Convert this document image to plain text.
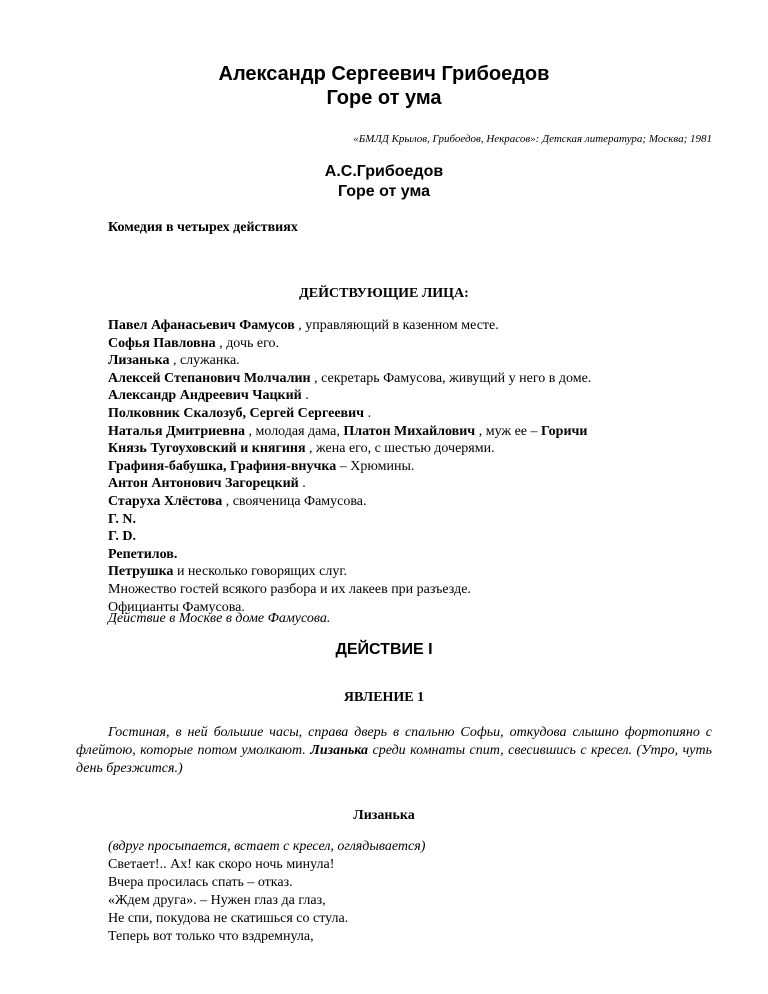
Александр Сергеевич Грибоедов
Горе от ума
«БМЛД Крылов, Грибоедов, Некрасов»: Детская литература; Москва; 1981
А.С.Грибоедов
Горе от ума
Комедия в четырех действиях
ДЕЙСТВУЮЩИЕ ЛИЦА:
Павел Афанасьевич Фамусов , управляющий в казенном месте.
Софья Павловна , дочь его.
Лизанька , служанка.
Алексей Степанович Молчалин , секретарь Фамусова, живущий у него в доме.
Александр Андреевич Чацкий .
Полковник Скалозуб, Сергей Сергеевич .
Наталья Дмитриевна , молодая дама, Платон Михайлович , муж ее – Горичи
Князь Тугоуховский и княгиня , жена его, с шестью дочерями.
Графиня-бабушка, Графиня-внучка – Хрюмины.
Антон Антонович Загорецкий .
Старуха Хлёстова , свояченица Фамусова.
Г. N.
Г. D.
Репетилов.
Петрушка и несколько говорящих слуг.
Множество гостей всякого разбора и их лакеев при разъезде.
Официанты Фамусова.
Действие в Москве в доме Фамусова.
ДЕЙСТВИЕ I
ЯВЛЕНИЕ 1
Гостиная, в ней большие часы, справа дверь в спальню Софьи, откудова слышно фортопияно с флейтою, которые потом умолкают. Лизанька среди комнаты спит, свесившись с кресел. (Утро, чуть день брезжится.)
Лизанька
(вдруг просыпается, встает с кресел, оглядывается)
Светает!.. Ах! как скоро ночь минула!
Вчера просилась спать – отказ.
«Ждем друга». – Нужен глаз да глаз,
Не спи, покудова не скатишься со стула.
Теперь вот только что вздремнула,
